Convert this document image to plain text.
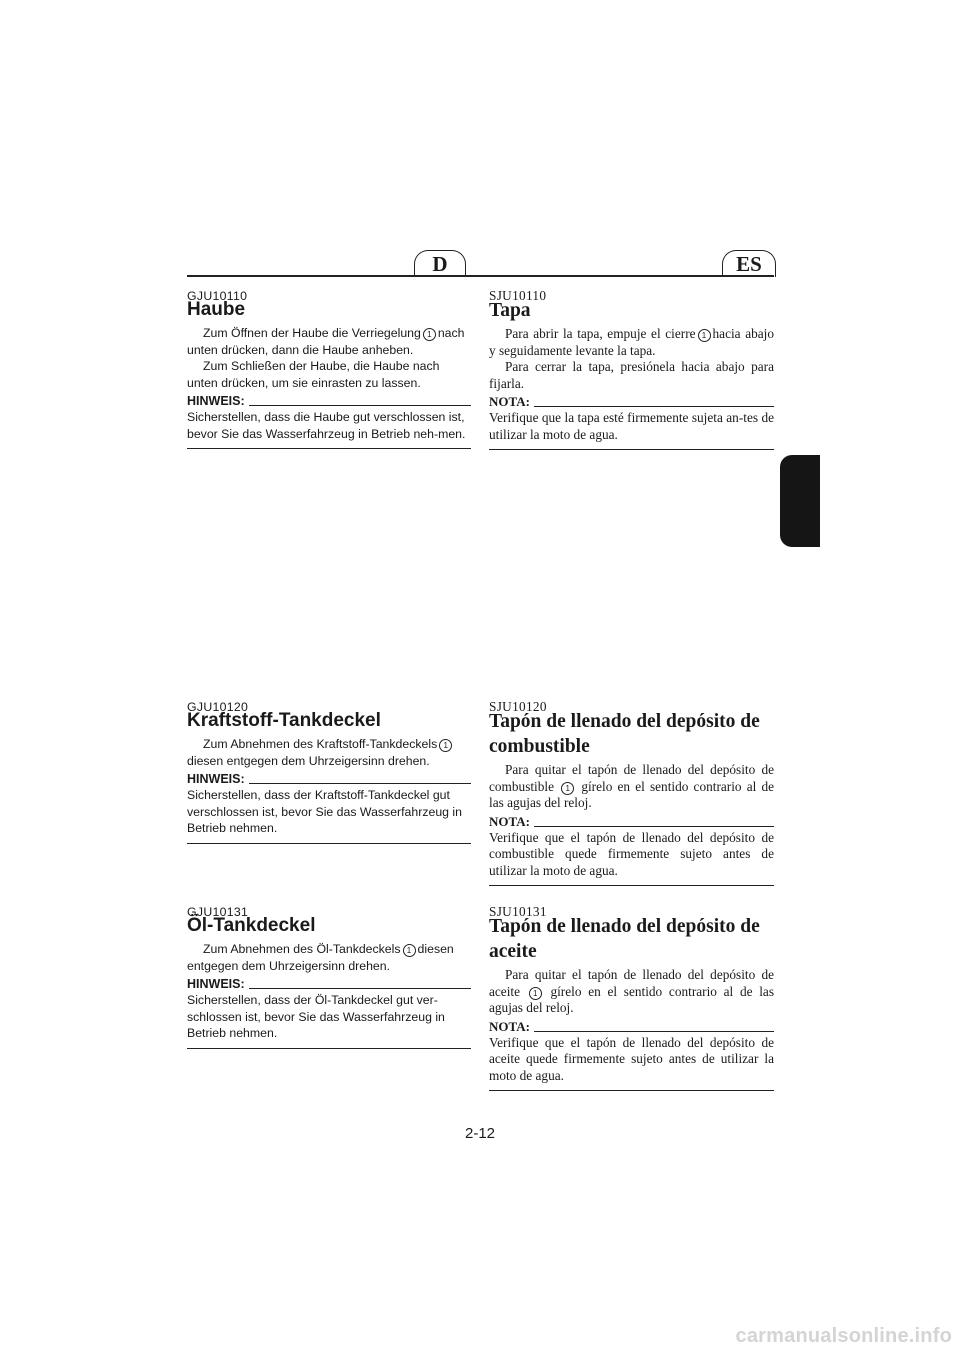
D	ES

GJU10110

Haube

Zum Öffnen der Haube die Verriegelung 1 nach unten drücken, dann die Haube anheben.

Zum Schließen der Haube, die Haube nach unten drücken, um sie einrasten zu lassen.

HINWEIS:

Sicherstellen, dass die Haube gut verschlossen ist, bevor Sie das Wasserfahrzeug in Betrieb neh-men.

SJU10110

Tapa

Para abrir la tapa, empuje el cierre 1 hacia abajo y seguidamente levante la tapa.

Para cerrar la tapa, presiónela hacia abajo para fijarla.

NOTA:

Verifique que la tapa esté firmemente sujeta an-tes de utilizar la moto de agua.

GJU10120

Kraftstoff-Tankdeckel

Zum Abnehmen des Kraftstoff-Tankdeckels 1diesen entgegen dem Uhrzeigersinn drehen.

HINWEIS:

Sicherstellen, dass der Kraftstoff-Tankdeckel gut verschlossen ist, bevor Sie das Wasserfahrzeug in Betrieb nehmen.

SJU10120

Tapón de llenado del depósito de combustible

Para quitar el tapón de llenado del depósito de combustible 1 gírelo en el sentido contrario al de las agujas del reloj.

NOTA:

Verifique que el tapón de llenado del depósito de combustible quede firmemente sujeto antes de utilizar la moto de agua.

GJU10131

Öl-Tankdeckel

Zum Abnehmen des Öl-Tankdeckels 1 diesen entgegen dem Uhrzeigersinn drehen.

HINWEIS:

Sicherstellen, dass der Öl-Tankdeckel gut ver-schlossen ist, bevor Sie das Wasserfahrzeug in Betrieb nehmen.

SJU10131

Tapón de llenado del depósito de aceite

Para quitar el tapón de llenado del depósito de aceite 1 gírelo en el sentido contrario al de las agujas del reloj.

NOTA:

Verifique que el tapón de llenado del depósito de aceite quede firmemente sujeto antes de utilizar la moto de agua.

2-12
carmanualsonline.info
